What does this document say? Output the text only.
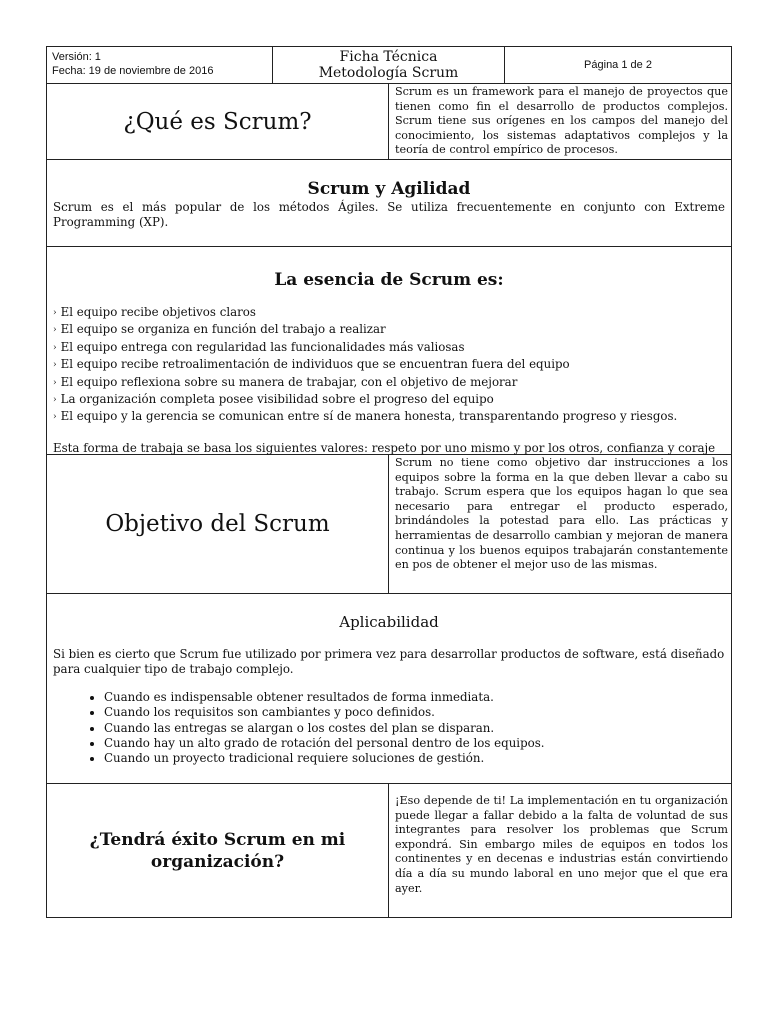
Versión: 1
Fecha: 19 de noviembre de 2016
Ficha Técnica
Metodología Scrum	Página 1 de 2
¿Qué es Scrum?
Scrum es un framework para el manejo de proyectos que tienen como fin el desarrollo de productos complejos. Scrum tiene sus orígenes en los campos del manejo del conocimiento, los sistemas adaptativos complejos y la teoría de control empírico de procesos.
Scrum y Agilidad

Scrum es el más popular de los métodos Ágiles. Se utiliza frecuentemente en conjunto con Extreme Programming (XP).

La esencia de Scrum es:
› El equipo recibe objetivos claros
› El equipo se organiza en función del trabajo a realizar
› El equipo entrega con regularidad las funcionalidades más valiosas
› El equipo recibe retroalimentación de individuos que se encuentran fuera del equipo
› El equipo reflexiona sobre su manera de trabajar, con el objetivo de mejorar
› La organización completa posee visibilidad sobre el progreso del equipo
› El equipo y la gerencia se comunican entre sí de manera honesta, transparentando progreso y riesgos.

Esta forma de trabaja se basa los siguientes valores: respeto por uno mismo y por los otros, confianza y coraje

Objetivo del Scrum
Scrum no tiene como objetivo dar instrucciones a los equipos sobre la forma en la que deben llevar a cabo su trabajo. Scrum espera que los equipos hagan lo que sea necesario para entregar el producto esperado, brindándoles la potestad para ello. Las prácticas y herramientas de desarrollo cambian y mejoran de manera continua y los buenos equipos trabajarán constantemente en pos de obtener el mejor uso de las mismas.
Aplicabilidad

Si bien es cierto que Scrum fue utilizado por primera vez para desarrollar productos de software, está diseñado para cualquier tipo de trabajo complejo.

• Cuando es indispensable obtener resultados de forma inmediata.
• Cuando los requisitos son cambiantes y poco definidos.
• Cuando las entregas se alargan o los costes del plan se disparan.
• Cuando hay un alto grado de rotación del personal dentro de los equipos.
• Cuando un proyecto tradicional requiere soluciones de gestión.
¿Tendrá éxito Scrum en mi organización?
¡Eso depende de ti! La implementación en tu organización puede llegar a fallar debido a la falta de voluntad de sus integrantes para resolver los problemas que Scrum expondrá. Sin embargo miles de equipos en todos los continentes y en decenas e industrias están convirtiendo día a día su mundo laboral en uno mejor que el que era ayer.
